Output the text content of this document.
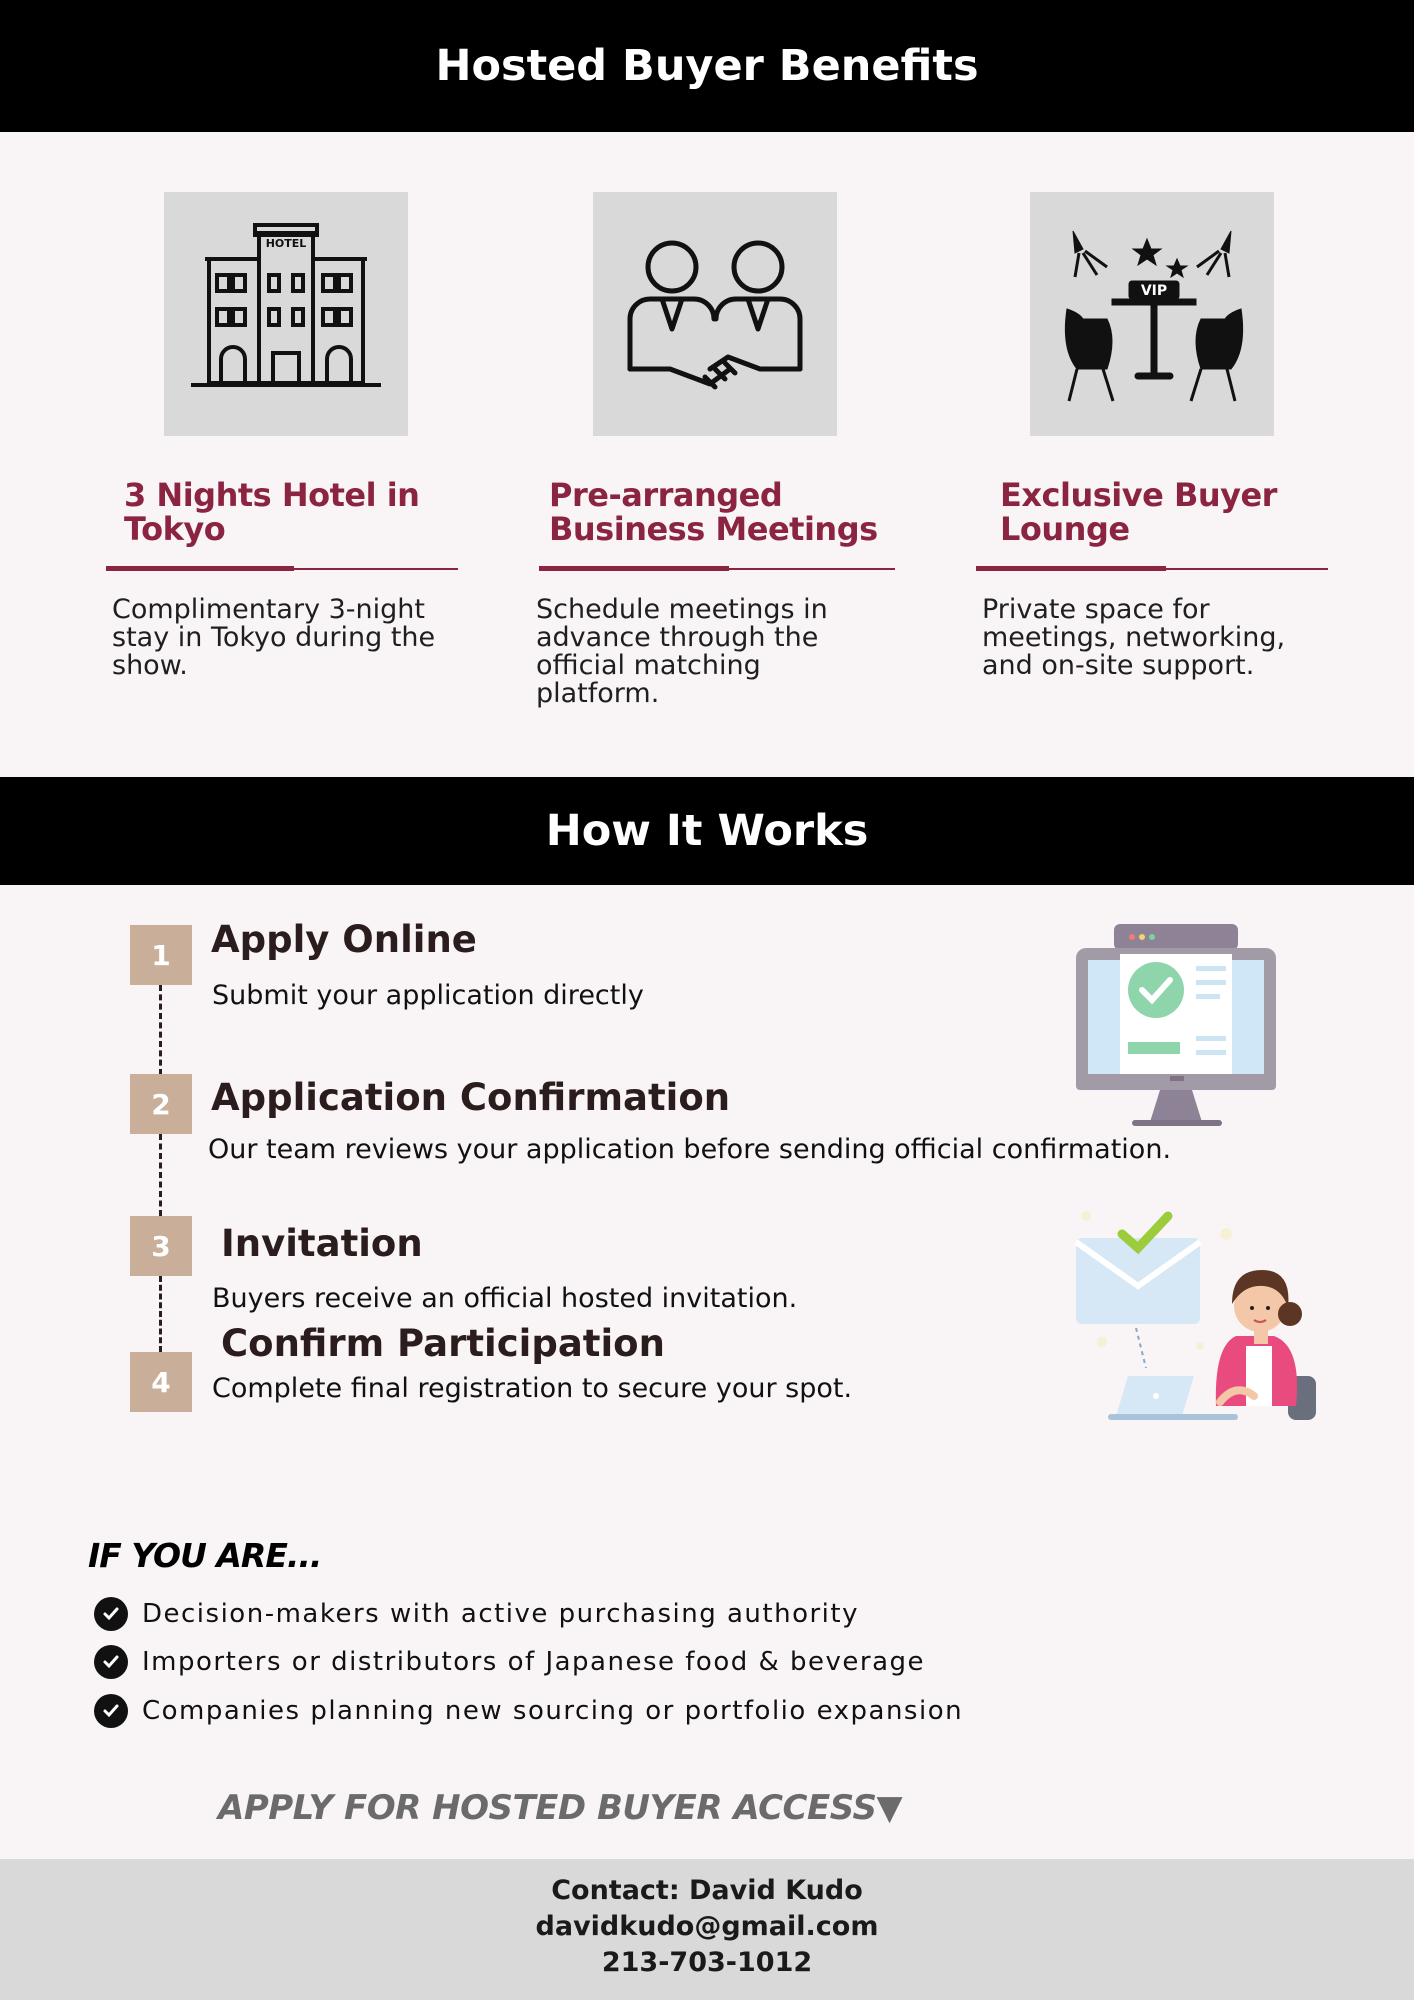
Hosted Buyer Benefits
HOTEL
3 Nights Hotel in Tokyo

Complimentary 3-night stay in Tokyo during the show.

Pre-arranged Business Meetings

Schedule meetings in advance through the official matching platform.

VIP
Exclusive Buyer Lounge

Private space for meetings, networking, and on-site support.

How It Works
1	Apply Online
Submit your application directly
2	Application Confirmation
Our team reviews your application before sending official confirmation.
3	Invitation
Buyers receive an official hosted invitation.
4
Confirm Participation
Complete final registration to secure your spot.
IF YOU ARE...
Decision-makers with active purchasing authority
Importers or distributors of Japanese food & beverage
Companies planning new sourcing or portfolio expansion
APPLY FOR HOSTED BUYER ACCESS▼
Contact: David Kudo
davidkudo@gmail.com
213-703-1012
